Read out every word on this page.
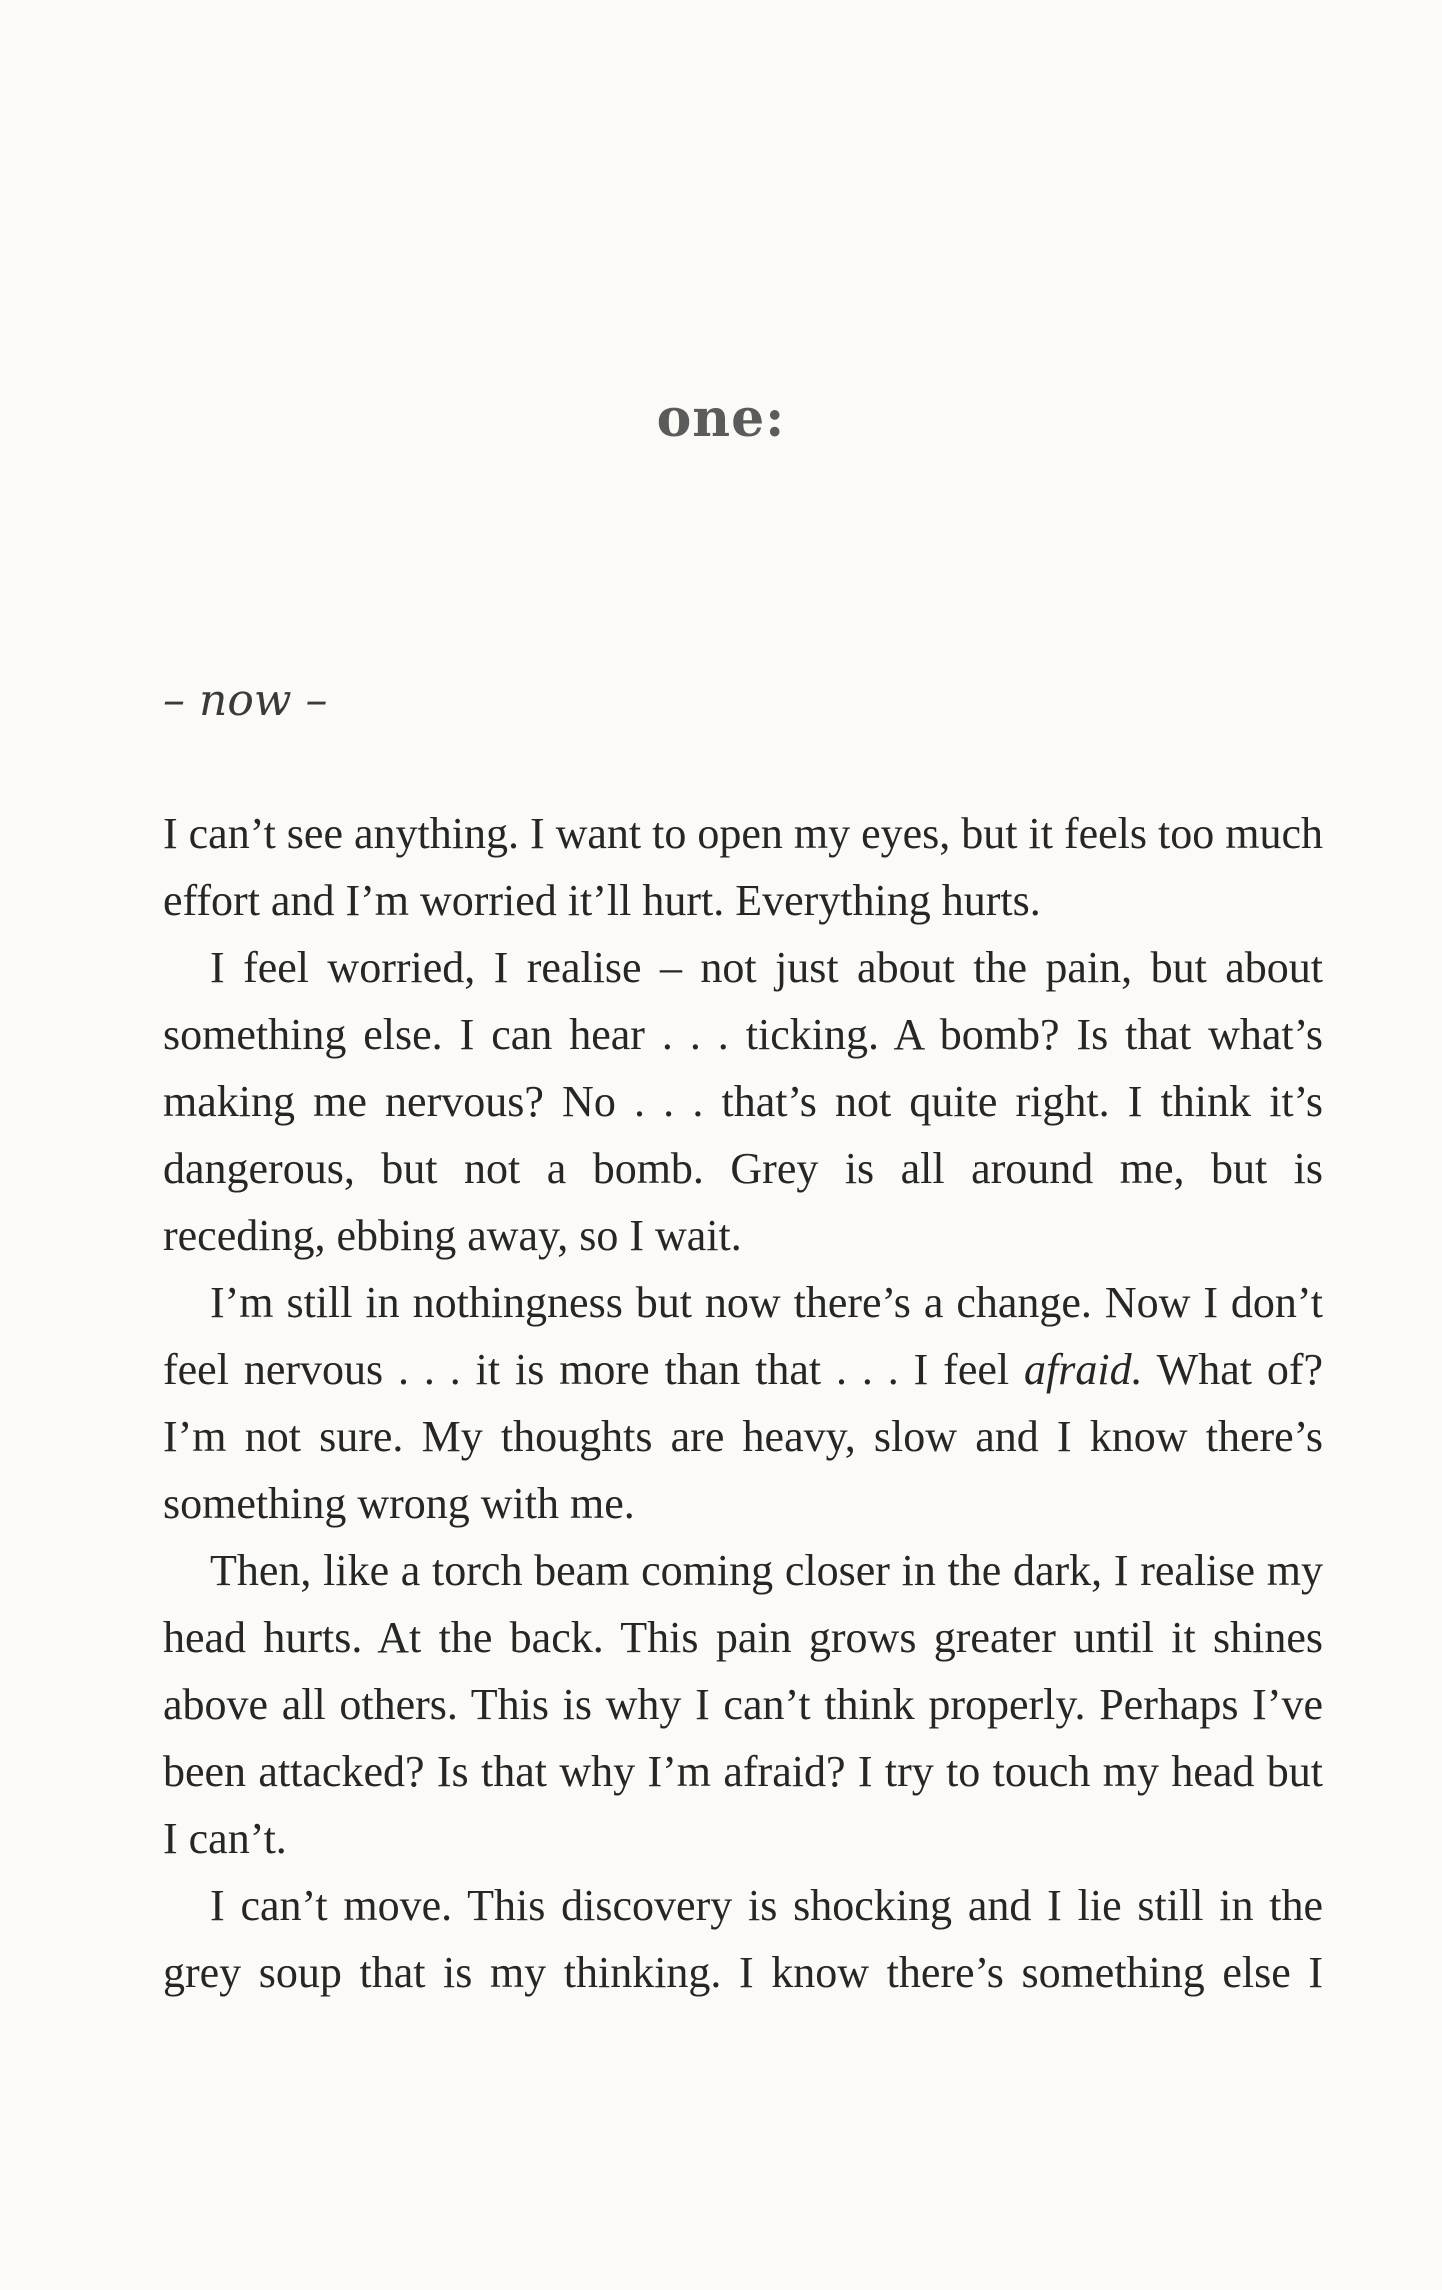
one:

– now –

I can’t see anything. I want to open my eyes, but it feels too much effort and I’m worried it’ll hurt. Everything hurts.

I feel worried, I realise – not just about the pain, but about something else. I can hear . . . ticking. A bomb? Is that what’s making me nervous? No . . . that’s not quite right. I think it’s dangerous, but not a bomb. Grey is all around me, but is receding, ebbing away, so I wait.

I’m still in nothingness but now there’s a change. Now I don’t feel nervous . . . it is more than that . . . I feel afraid. What of? I’m not sure. My thoughts are heavy, slow and I know there’s something wrong with me.

Then, like a torch beam coming closer in the dark, I realise my head hurts. At the back. This pain grows greater until it shines above all others. This is why I can’t think properly. Perhaps I’ve been attacked? Is that why I’m afraid? I try to touch my head but I can’t.

I can’t move. This discovery is shocking and I lie still in the grey soup that is my thinking. I know there’s something else I
